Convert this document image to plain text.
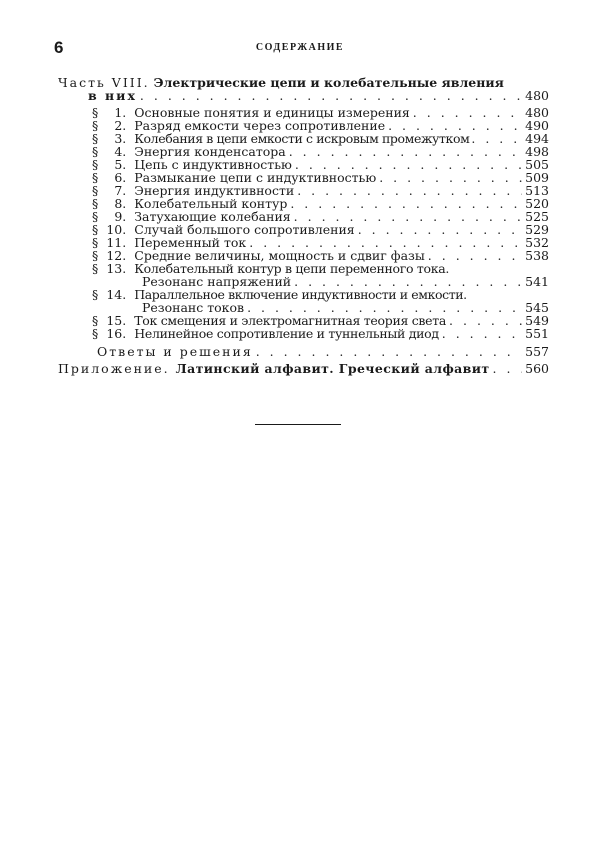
6	СОДЕРЖАНИЕ
Часть VIII. Электрические цепи и колебательные явления
в них . . .	480
§	1. Основные понятия и единицы измерения . . .	480
§	2. Разряд емкости через сопротивление . . .	490
§	3. Колебания в цепи емкости с искровым промежутком . . .	494
§	4. Энергия конденсатора . . .	498
§	5. Цепь с индуктивностью . . .	505
§	6. Размыкание цепи с индуктивностью . . .	509
§	7. Энергия индуктивности . . .	513
§	8. Колебательный контур . . .	520
§	9. Затухающие колебания . . .	525
§ 10. Случай большого сопротивления . . .	529
§ 11. Переменный ток . . .	532
§ 12. Средние величины, мощность и сдвиг фазы . . .	538
§ 13. Колебательный контур в цепи переменного тока.
Резонанс напряжений . . .	541
§ 14. Параллельное включение индуктивности и емкости.
Резонанс токов . . .	545
§ 15. Ток смещения и электромагнитная теория света . . .	549
§ 16. Нелинейное сопротивление и туннельный диод . . .	551
Ответы и решения . . .	557
Приложение. Латинский алфавит. Греческий алфавит . . .	560
